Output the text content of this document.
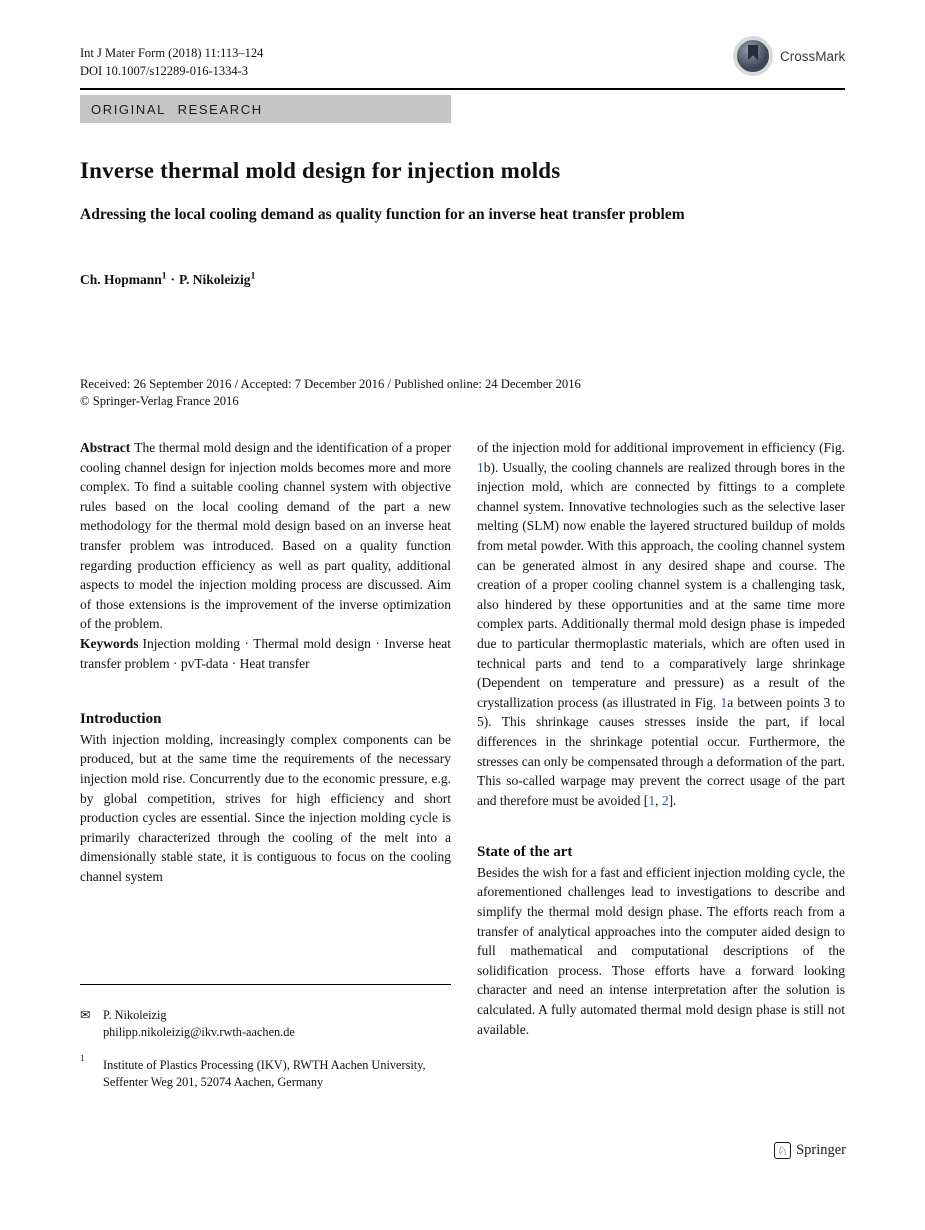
Int J Mater Form (2018) 11:113–124
DOI 10.1007/s12289-016-1334-3
CrossMark
ORIGINAL RESEARCH
Inverse thermal mold design for injection molds
Adressing the local cooling demand as quality function for an inverse heat transfer problem
Ch. Hopmann$^1$ · P. Nikoleizig$^1$
Received: 26 September 2016 / Accepted: 7 December 2016 / Published online: 24 December 2016
© Springer-Verlag France 2016

Abstract The thermal mold design and the identification of a proper cooling channel design for injection molds becomes more and more complex. To find a suitable cooling channel system with objective rules based on the local cooling demand of the part a new methodology for the thermal mold design based on an inverse heat transfer problem was introduced. Based on a quality function regarding production efficiency as well as part quality, additional aspects to model the injection molding process are discussed. Aim of those extensions is the improvement of the inverse optimization of the problem.

Keywords Injection molding · Thermal mold design · Inverse heat transfer problem · pvT-data · Heat transfer

Introduction

With injection molding, increasingly complex components can be produced, but at the same time the requirements of the necessary injection mold rise. Concurrently due to the economic pressure, e.g. by global competition, strives for high efficiency and short production cycles are essential. Since the injection molding cycle is primarily characterized through the cooling of the melt into a dimensionally stable state, it is contiguous to focus on the cooling channel system

of the injection mold for additional improvement in efficiency (Fig. 1b). Usually, the cooling channels are realized through bores in the injection mold, which are connected by fittings to a complete channel system. Innovative technologies such as the selective laser melting (SLM) now enable the layered structured buildup of molds from metal powder. With this approach, the cooling channel system can be generated almost in any desired shape and course. The creation of a proper cooling channel system is a challenging task, also hindered by these opportunities and at the same time more complex parts. Additionally thermal mold design phase is impeded due to particular thermoplastic materials, which are often used in technical parts and tend to a comparatively large shrinkage (Dependent on temperature and pressure) as a result of the crystallization process (as illustrated in Fig. 1a between points 3 to 5). This shrinkage causes stresses inside the part, if local differences in the shrinkage potential occur. Furthermore, the stresses can only be compensated through a deformation of the part. This so-called warpage may prevent the correct usage of the part and therefore must be avoided [1, 2].

State of the art

Besides the wish for a fast and efficient injection molding cycle, the aforementioned challenges lead to investigations to describe and simplify the thermal mold design phase. The efforts reach from a transfer of analytical approaches into the computer aided design to full mathematical and computational descriptions of the solidification process. Those efforts have a forward looking character and need an intense interpretation after the solution is calculated. A fully automated thermal mold design phase is still not available.

✉	P. Nikoleizig
philipp.nikoleizig@ikv.rwth-aachen.de
1	Institute of Plastics Processing (IKV), RWTH Aachen University, Seffenter Weg 201, 52074 Aachen, Germany
♘ Springer
